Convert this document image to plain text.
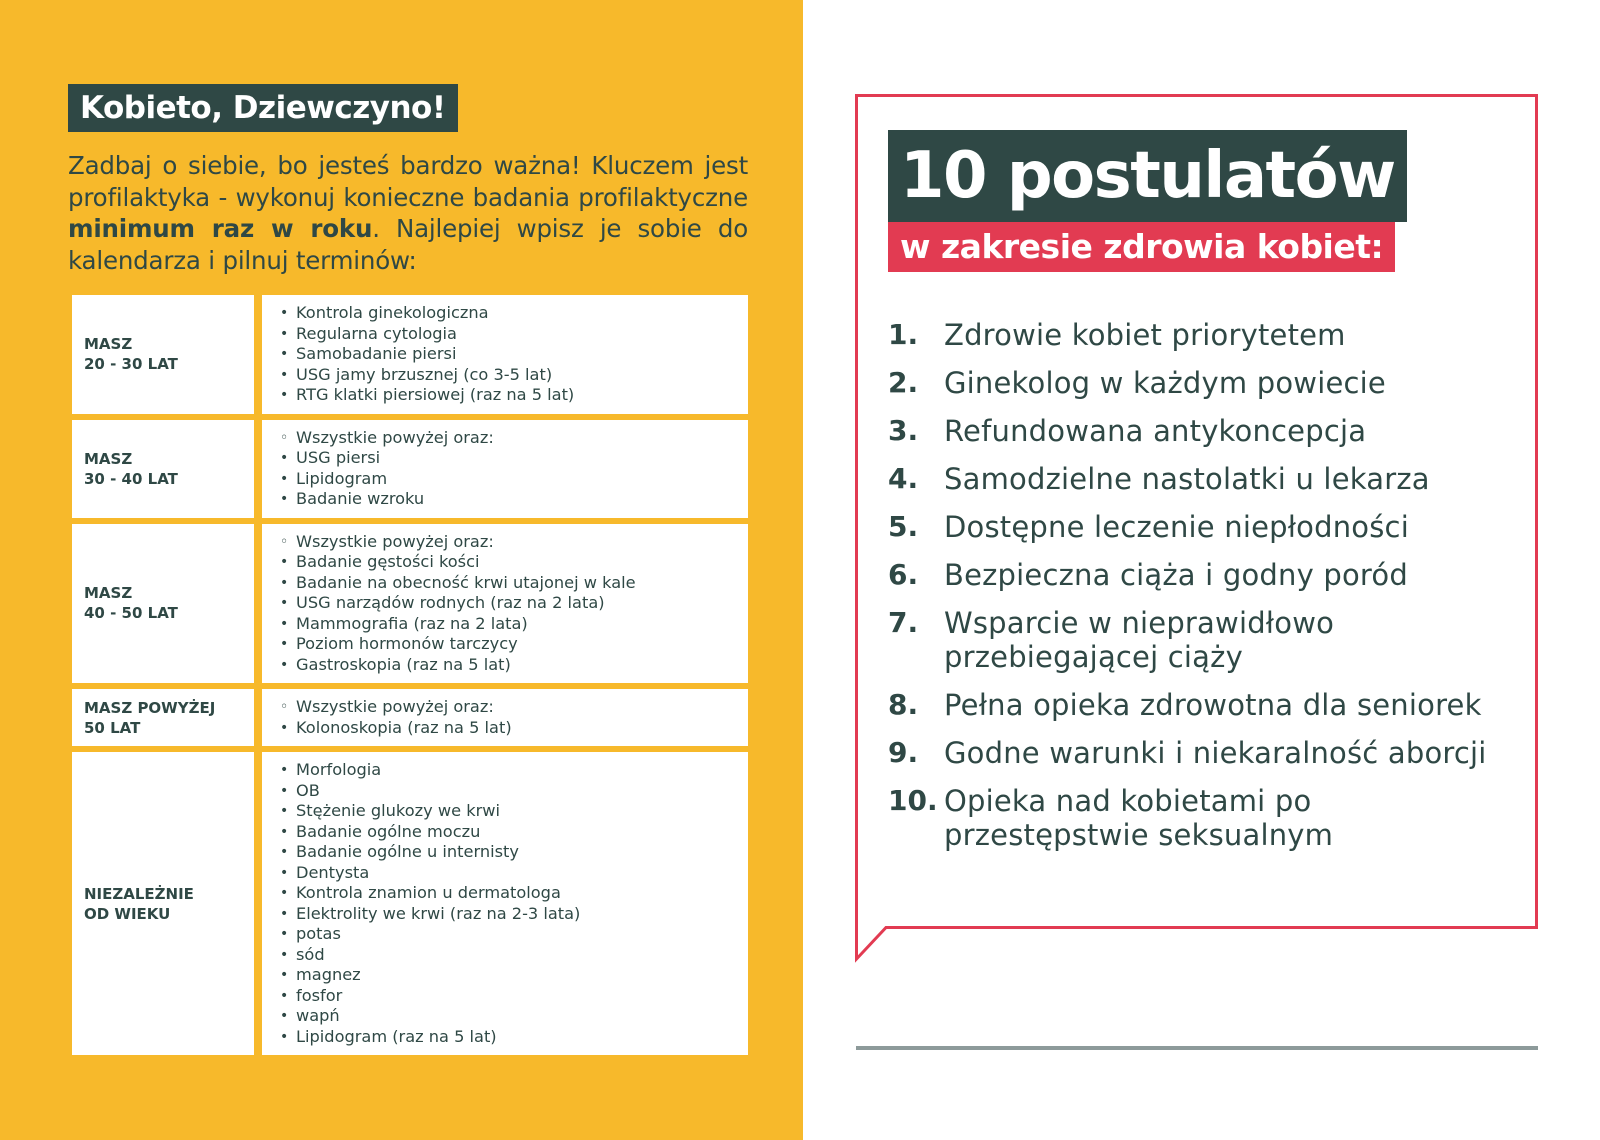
Kobieto, Dziewczyno!

Zadbaj o siebie, bo jesteś bardzo ważna! Kluczem jest profilaktyka - wykonuj konieczne badania profilaktyczne minimum raz w roku. Najlepiej wpisz je sobie do kalendarza i pilnuj terminów:

MASZ
20 - 30 LAT
• Kontrola ginekologiczna
• Regularna cytologia
• Samobadanie piersi
• USG jamy brzusznej (co 3-5 lat)
• RTG klatki piersiowej (raz na 5 lat)
MASZ
30 - 40 LAT
◦ Wszystkie powyżej oraz:
• USG piersi
• Lipidogram
• Badanie wzroku
MASZ
40 - 50 LAT
◦ Wszystkie powyżej oraz:
• Badanie gęstości kości
• Badanie na obecność krwi utajonej w kale
• USG narządów rodnych (raz na 2 lata)
• Mammografia (raz na 2 lata)
• Poziom hormonów tarczycy
• Gastroskopia (raz na 5 lat)
MASZ POWYŻEJ
50 LAT
◦ Wszystkie powyżej oraz:
• Kolonoskopia (raz na 5 lat)
NIEZALEŻNIE
OD WIEKU
• Morfologia
• OB
• Stężenie glukozy we krwi
• Badanie ogólne moczu
• Badanie ogólne u internisty
• Dentysta
• Kontrola znamion u dermatologa
• Elektrolity we krwi (raz na 2-3 lata)
• potas
• sód
• magnez
• fosfor
• wapń
• Lipidogram (raz na 5 lat)
10 postulatów
w zakresie zdrowia kobiet:
1. Zdrowie kobiet priorytetem
2. Ginekolog w każdym powiecie
3. Refundowana antykoncepcja
4. Samodzielne nastolatki u lekarza
5. Dostępne leczenie niepłodności
6. Bezpieczna ciąża i godny poród
7. Wsparcie w nieprawidłowo przebiegającej ciąży
8. Pełna opieka zdrowotna dla seniorek
9. Godne warunki i niekaralność aborcji
10. Opieka nad kobietami po przestępstwie seksualnym
